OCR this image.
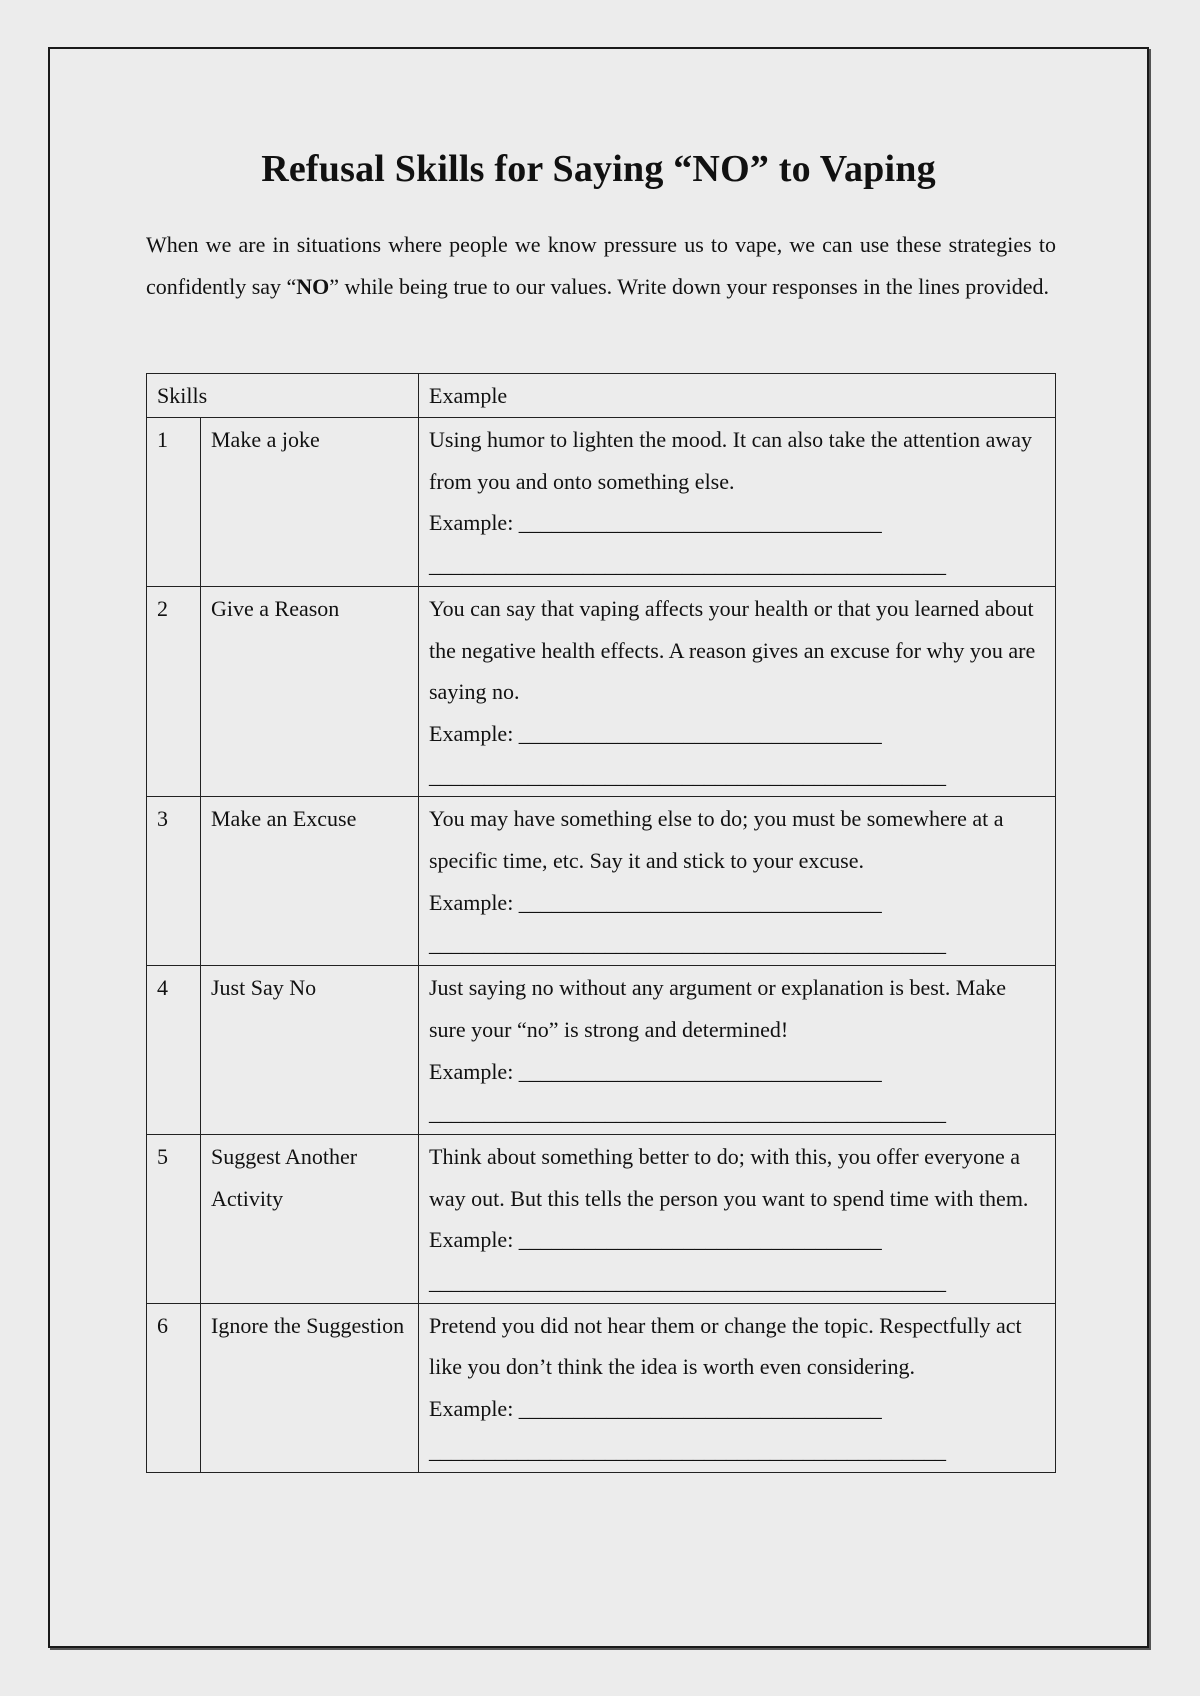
Refusal Skills for Saying “NO” to Vaping

When we are in situations where people we know pressure us to vape, we can use these strategies to confidently say “NO” while being true to our values. Write down your responses in the lines provided.

Skills		Example
1	Make a joke	Using humor to lighten the mood. It can also take the attention away from you and onto something else.
Example: _________________________________
_______________________________________________

2	Give a Reason	You can say that vaping affects your health or that you learned about the negative health effects. A reason gives an excuse for why you are saying no.
Example: _________________________________
_______________________________________________

3	Make an Excuse	You may have something else to do; you must be somewhere at a specific time, etc. Say it and stick to your excuse.
Example: _________________________________
_______________________________________________

4	Just Say No	Just saying no without any argument or explanation is best. Make sure your “no” is strong and determined!
Example: _________________________________
_______________________________________________

5	Suggest Another Activity	Think about something better to do; with this, you offer everyone a way out. But this tells the person you want to spend time with them.
Example: _________________________________
_______________________________________________

6	Ignore the Suggestion	Pretend you did not hear them or change the topic. Respectfully act like you don’t think the idea is worth even considering.
Example: _________________________________
_______________________________________________
